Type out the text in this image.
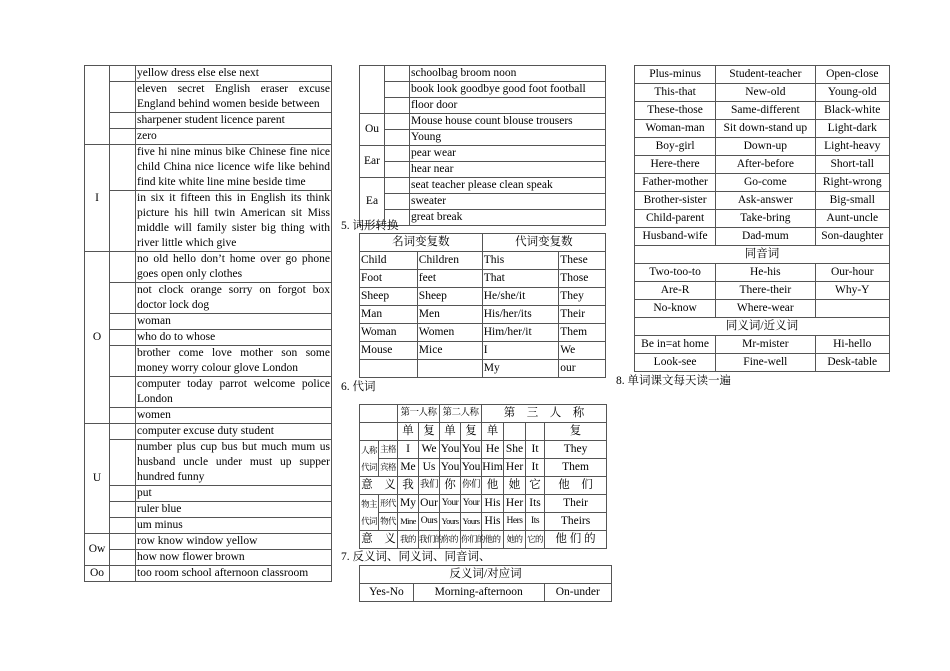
		yellow dress else else next
		eleven secret English eraser excuse England behind women beside between
		sharpener student licence parent
		zero
I		five hi nine minus bike Chinese fine nice child China nice licence wife like behind find kite white line mine beside time
		in six it fifteen this in English its think picture his hill twin American sit Miss middle will family sister big thing with river little which give
O		no old hello don’t home over go phone goes open only clothes
		not clock orange sorry on forgot box doctor lock dog
		woman
		who do to whose
		brother come love mother son some money worry colour glove London
		computer today parrot welcome police London
		women
U		computer excuse duty student
		number plus cup bus but much mum us husband uncle under must up supper hundred funny
		put
		ruler blue
		um minus
Ow		row know window yellow
		how now flower brown
Oo		too room school afternoon classroom
		schoolbag broom noon
		book look goodbye good foot football
		floor door
Ou		Mouse house count blouse trousers
		Young
Ear		pear wear
		hear near
Ea		seat teacher please clean speak
		sweater
		great break
5. 词形转换
名词变复数		代词变复数	
Child	Children	This	These
Foot	feet	That	Those
Sheep	Sheep	He/she/it	They
Man	Men	His/her/its	Their
Woman	Women	Him/her/it	Them
Mouse	Mice	I	We
		My	our
6. 代词
		第一人称		第二人称		第　三　人　称			
		单	复	单	复	单			复
人称代词	主格	I	We	You	You	He	She	It	They
	宾格	Me	Us	You	You	Him	Her	It	Them
意　义		我	我们	你	你们	他	她	它	他　们
物主代词	形代	My	Our	Your	Your	His	Her	Its	Their
	物代	Mine	Ours	Yours	Yours	His	Hers	Its	Theirs
意　义		我的	我们的	你的	你们的	他的	她的	它的	他 们 的
7. 反义词、同义词、同音词、
反义词/对应词
Yes-No	Morning-afternoon	On-under
Plus-minus	Student-teacher	Open-close
This-that	New-old	Young-old
These-those	Same-different	Black-white
Woman-man	Sit down-stand up	Light-dark
Boy-girl	Down-up	Light-heavy
Here-there	After-before	Short-tall
Father-mother	Go-come	Right-wrong
Brother-sister	Ask-answer	Big-small
Child-parent	Take-bring	Aunt-uncle
Husband-wife	Dad-mum	Son-daughter
同音词		
Two-too-to	He-his	Our-hour
Are-R	There-their	Why-Y
No-know	Where-wear	
同义词/近义词		
Be in=at home	Mr-mister	Hi-hello
Look-see	Fine-well	Desk-table
8. 单词课文每天读一遍
